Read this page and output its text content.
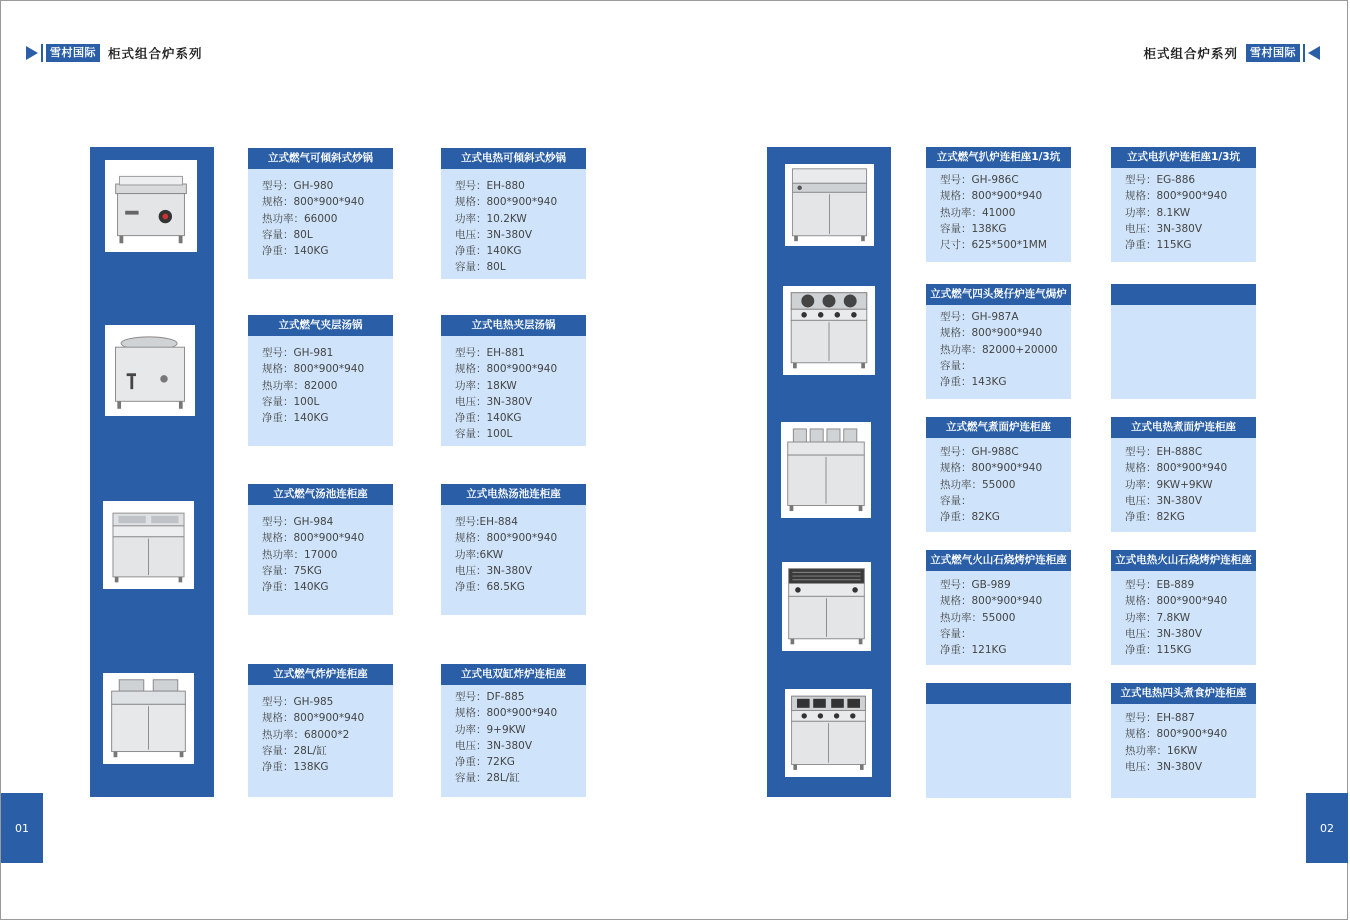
雪村国际 柜式组合炉系列	柜式组合炉系列	雪村国际
立式燃气可倾斜式炒锅
型号：GH-980
规格：800*900*940
热功率：66000
容量：80L
净重：140KG
立式电热可倾斜式炒锅
型号：EH-880
规格：800*900*940
功率：10.2KW
电压：3N-380V
净重：140KG
容量：80L
立式燃气夹层汤锅
型号：GH-981
规格：800*900*940
热功率：82000
容量：100L
净重：140KG
立式电热夹层汤锅
型号：EH-881
规格：800*900*940
功率：18KW
电压：3N-380V
净重：140KG
容量：100L
立式燃气汤池连柜座
型号：GH-984
规格：800*900*940
热功率：17000
容量：75KG
净重：140KG
立式电热汤池连柜座
型号:EH-884
规格：800*900*940
功率:6KW
电压：3N-380V
净重：68.5KG
立式燃气炸炉连柜座
型号：GH-985
规格：800*900*940
热功率：68000*2
容量：28L/缸
净重：138KG
立式电双缸炸炉连柜座
型号：DF-885
规格：800*900*940
功率：9+9KW
电压：3N-380V
净重：72KG
容量：28L/缸
立式燃气扒炉连柜座1/3坑
型号：GH-986C
规格：800*900*940
热功率：41000
容量：138KG
尺寸：625*500*1MM
立式电扒炉连柜座1/3坑
型号：EG-886
规格：800*900*940
功率：8.1KW
电压：3N-380V
净重：115KG
立式燃气四头煲仔炉连气焗炉
型号：GH-987A
规格：800*900*940
热功率：82000+20000
容量：
净重：143KG
立式燃气煮面炉连柜座
型号：GH-988C
规格：800*900*940
热功率：55000
容量：
净重：82KG
立式电热煮面炉连柜座
型号：EH-888C
规格：800*900*940
功率：9KW+9KW
电压：3N-380V
净重：82KG
立式燃气火山石烧烤炉连柜座
型号：GB-989
规格：800*900*940
热功率：55000
容量：
净重：121KG
立式电热火山石烧烤炉连柜座
型号：EB-889
规格：800*900*940
功率：7.8KW
电压：3N-380V
净重：115KG
立式电热四头煮食炉连柜座
型号：EH-887
规格：800*900*940
热功率：16KW
电压：3N-380V
01	02
